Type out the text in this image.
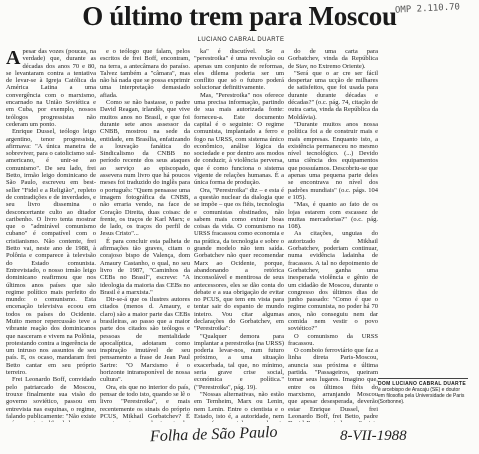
O último trem para Moscou
OMP 2.110.70
LUCIANO CABRAL DUARTE
A pesar das vozes (poucas, na verdade) que, durante as décadas dos anos 70 e 80, se levantaram contra a tentativa de levar-se à Igreja Católica da América Latina a uma convergência com o marxismo, encarnado na União Soviética e em Cuba, por exemplo, nossos teólogos progressistas não cederam um ponto.

Enrique Dussel, teólogo leigo argentino, tenor progressista, afirmava: "A única maneira de sobreviver, para o catolicismo sul-americano, é unir-se ao comunismo". De seu lado, frei Betto, irmão leigo dominicano de São Paulo, escreveu em best-seller "Fidel e a Religião", repleto de contradições e de inverdades, e seu livro dissemina o desconcertante culto ao ditador caribenho. O livro tenta mostrar que o "admirável comunismo cubano" é compatível com o cristianismo. Não contente, frei Betto vai, neste ano de 1988, à Polônia e comparece à televisão do Estado comunista. Entrevistado, o nosso irmão leigo dominicano reafirmou que nos últimos anos países que são regime político mais perfeito do mundo: o comunismo. Esta encenação televisiva ecoou em todos os países do Ocidente. Muito menor repercussão teve a vibrante reação dos dominicanos que nasceram e vivem na Polônia, protestando contra a ingerência de um intruso nos assuntos de seu país. E, os ocaso, mandaram frei Betto cantar em seu próprio terreiro.

Frei Leonardo Boff, convidado pelo patriarcado de Moscou, trouxe finalmente sua visão do governo soviético, passou em entrevista nas esquinas, o regime, falando publicamente: "Não existe

e o teólogo que falam, pelos escritos de frei Boff, encontram, na terra, a antecâmara do paraíso. Talvez também a "câmara", mas não há nada que se possa exprimir uma interpretação demasiado afiada.

Como se não bastasse, o padre David Reagan, irlandês, que vive muitos anos no Brasil, e que foi durante sete anos assessor da CNBB, mostrou na sede da entidade, em Brasília, enfatizando a louvação fanática do Sindicalismo da CNBB no período recente dos seus ataques ao serviço ao episcopado, assevera num livro que há poucos meses foi traduzido do inglês para o português: "Quem pensasse uma imagem fotográfica da CNBB, não erraria vendo, na face de Coração Direita, duas coisas: de frente, os traços de Karl Marx; e de lado, os traços do perfil de Jesus Cristo"...

É para concluir esta palheta de afirmações tão graves, citam o corajoso bispo de Valença, dom Amaury Castanho, o qual, no seu livro de 1987, "Caminhos da CEBs no Brasil", escreve: "A ideologia da maioria das CEBs no Brasil é a marxista."

Dir-se-á que os ilustres autores citados (menos d. Amaury, e claro) são a maior parte das CEBs brasileiras, ao passo que a maior parte dos citados são teólogos e pessoas de mentalidade apocalíptica, adotaram como inspiração imutável de seu pensamento a frase de Jean Paul Sartre: "O Marxismo é o horizonte intransponível de nossa cultura".

Ora, eis que no interior do país, pensar de todo isto, quando se lê o livro "Perestroika", e mais recentemente os sinais do próprio PCUS, Mikhail Gorbatchev? É

ka" é discutível. Se a "perestroika" é uma revolução ou apenas um conjunto de reformas, eles dilema poderia ser um conflito que só o futuro poderá solucionar definitivamente.

Mas, "Perestroika" nos oferece uma precisa informação, partindo de sua mais autorizada fonte: forneceu-a. Este documento capital é o seguinte: O regime comunista, implantado a ferro e fogo na URSS, com sistema único econômico, análise lógica da sociedade e por dentro aos modos de conduzir, à violência perversa, que é como funciona o sistema vigente de relações humanas. É a única forma de produção.

Ora, "Perestroika" diz – e esta é a questão nuclear da dialogia que se impõe – que os fiéis, tecnologia e comunistas obstinados, não sabem mais como extrair boas coisas da vida. O comunismo na URSS fracassou como economia e na prática, da tecnologia e sobre o grande modelo não tem saída. Gorbatchev não quer recomendar Marx ao Ocidente, porque, abandonando a retórica inconsolável e mentirosa de seus antecessores, eles se dão conta do debate e a sua obrigação de evitar no PCUS, que tem em vista para tentar sair do espanto de mundo inteiro. Vou citar algumas declarações do Gorbatchev, em "Perestroika":

"Qualquer demora para implantar a perestroika (na URSS) poderia levar-nos, num futuro próximo, a uma situação exacerbada, tal que, no mínimo, seria grave crise social, económica e política." ("Perestroika", pág. 19).

"Nossas alternativas, não estão em Ternheim, Marx ou Lenin, nem Lenin. Entre o cientista e o Estado, isto é, a autoridade, nem

do de uma carta para Gorbatchev, vinda da República de Stav, no Extremo Oriente).

"Será que o ar cre ser fácil despertar uma ucção de milhares de satisfeitos, que foi usada para durante durante décadas e décadas?" (o.c. pág. 74, citação de outra carta, vinda da República da Moldávia).

"Durante muitos anos nossa política foi a de construir mais e mais empresas. Enquanto isto, a existência permaneceu no mesmo nível tecnológico. (...) Devido uma ciência dos equipamentos que possuíamos. Descobriu-se que apenas uma pequena parte deles se encontrava no nível dos padrões mundiais" (o.c. págs. 104 e 105).

"Mas, é quanto ao fato de os lojas estarem com escassez de muitas mercadorias?" (o.c. pág. 108).

As citações, unguias do autorizado de Mikhail Gorbatchev, poderiam continuar, numa evidência ladainha de fracassos. A tal no depoimento de Gorbatchev, ganha uma inesperada violência e gênio de um cidadão de Moscou, durante o congresso dos últimos dias de junho passado: "Como é que o regime comunista, no poder há 70 anos, não conseguiu nem dar comida nem vestir o povo soviético?"

O comunismo da URSS fracassou.

O comboio ferroviário que faz a linha direta Paris-Moscou, anuncia sua próxima e última partida. "Passageiros, queiram tomar seus lugares. Imagino que, entre os últimos fiéis do marxismo, arranjando Moscou que apesar desesperada, deverão estar Enrique Dussel, frei Leonardo Boff, frei Betto, padre

DOM LUCIANO CABRAL DUARTE é arcebispo de Aracaju (SE) e doutor em filosofia pela Universidade de Paris (Sorbonne).
Folha de São Paulo	8-VII-1988
